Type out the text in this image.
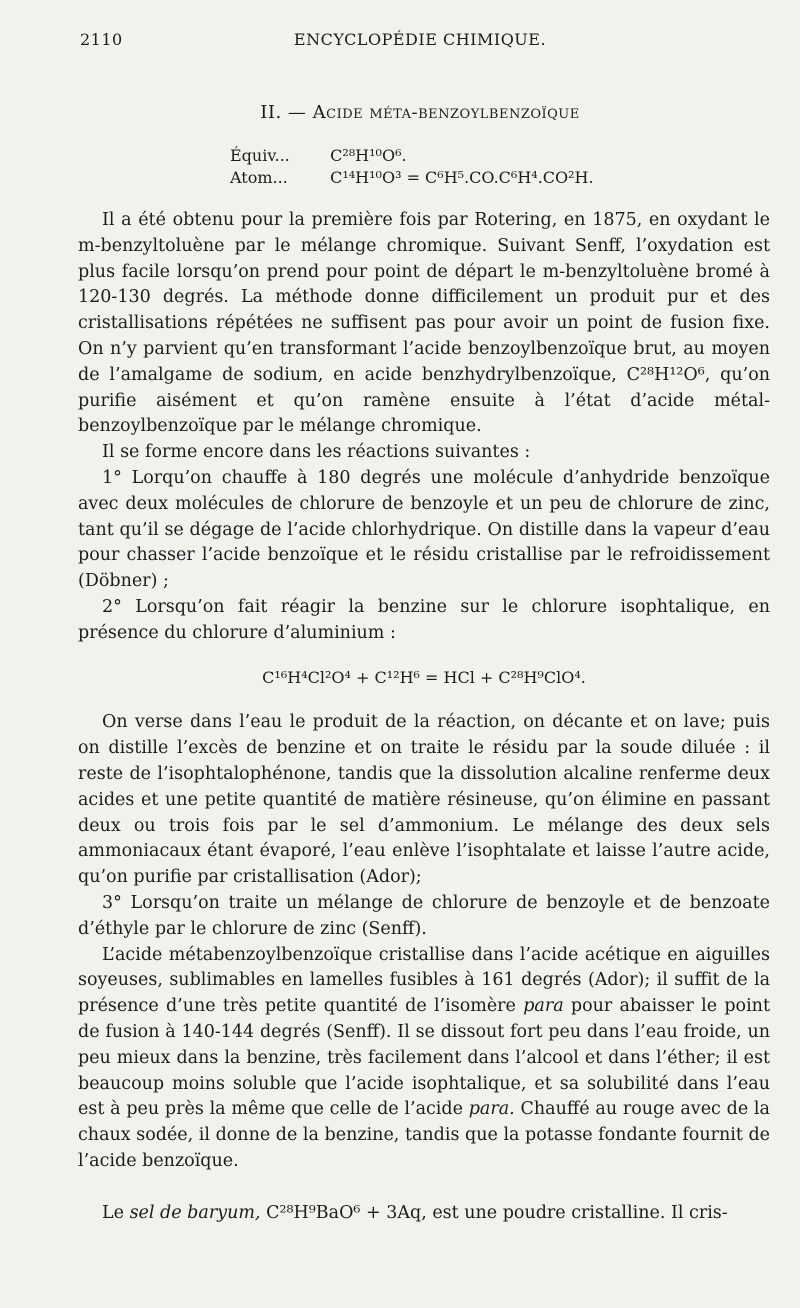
2110	ENCYCLOPÉDIE CHIMIQUE.
II. — Acide méta-benzoylbenzoïque
Équiv...	C²⁸H¹⁰O⁶.
Atom...	C¹⁴H¹⁰O³ = C⁶H⁵.CO.C⁶H⁴.CO²H.

Il a été obtenu pour la première fois par Rotering, en 1875, en oxydant le m-benzyltoluène par le mélange chromique. Suivant Senff, l’oxydation est plus facile lorsqu’on prend pour point de départ le m-benzyltoluène bromé à 120-130 degrés. La méthode donne difficilement un produit pur et des cristallisations répétées ne suffisent pas pour avoir un point de fusion fixe. On n’y parvient qu’en transformant l’acide benzoylbenzoïque brut, au moyen de l’amalgame de sodium, en acide benzhydrylbenzoïque, C²⁸H¹²O⁶, qu’on purifie aisément et qu’on ramène ensuite à l’état d’acide métal-benzoylbenzoïque par le mélange chromique.

Il se forme encore dans les réactions suivantes :

1° Lorqu’on chauffe à 180 degrés une molécule d’anhydride benzoïque avec deux molécules de chlorure de benzoyle et un peu de chlorure de zinc, tant qu’il se dégage de l’acide chlorhydrique. On distille dans la vapeur d’eau pour chasser l’acide benzoïque et le résidu cristallise par le refroidissement (Döbner) ;

2° Lorsqu’on fait réagir la benzine sur le chlorure isophtalique, en présence du chlorure d’aluminium :

C¹⁶H⁴Cl²O⁴ + C¹²H⁶ = HCl + C²⁸H⁹ClO⁴.

On verse dans l’eau le produit de la réaction, on décante et on lave; puis on distille l’excès de benzine et on traite le résidu par la soude diluée : il reste de l’isophtalophénone, tandis que la dissolution alcaline renferme deux acides et une petite quantité de matière résineuse, qu’on élimine en passant deux ou trois fois par le sel d’ammonium. Le mélange des deux sels ammoniacaux étant évaporé, l’eau enlève l’isophtalate et laisse l’autre acide, qu’on purifie par cristallisation (Ador);

3° Lorsqu’on traite un mélange de chlorure de benzoyle et de benzoate d’éthyle par le chlorure de zinc (Senff).

L’acide métabenzoylbenzoïque cristallise dans l’acide acétique en aiguilles soyeuses, sublimables en lamelles fusibles à 161 degrés (Ador); il suffit de la présence d’une très petite quantité de l’isomère para pour abaisser le point de fusion à 140-144 degrés (Senff). Il se dissout fort peu dans l’eau froide, un peu mieux dans la benzine, très facilement dans l’alcool et dans l’éther; il est beaucoup moins soluble que l’acide isophtalique, et sa solubilité dans l’eau est à peu près la même que celle de l’acide para. Chauffé au rouge avec de la chaux sodée, il donne de la benzine, tandis que la potasse fondante fournit de l’acide benzoïque.

Le sel de baryum, C²⁸H⁹BaO⁶ + 3Aq, est une poudre cristalline. Il cris-
